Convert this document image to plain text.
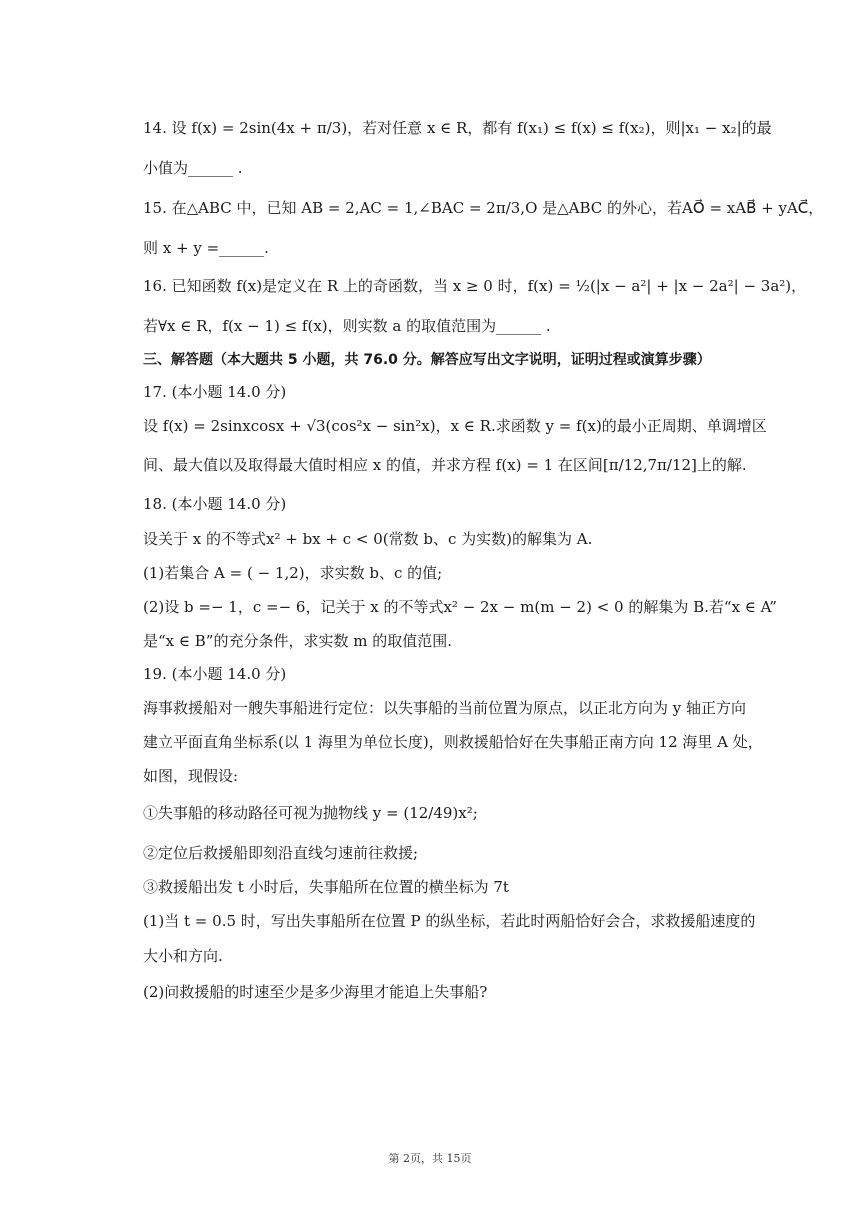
14. 设 f(x) = 2sin(4x + π/3)，若对任意 x ∈ R，都有 f(x₁) ≤ f(x) ≤ f(x₂)，则|x₁ − x₂|的最
小值为______ .
15. 在△ABC 中，已知 AB = 2,AC = 1,∠BAC = 2π/3,O 是△ABC 的外心，若AO⃗ = xAB⃗ + yAC⃗，
则 x + y =______.
16. 已知函数 f(x)是定义在 R 上的奇函数，当 x ≥ 0 时，f(x) = ½(|x − a²| + |x − 2a²| − 3a²)，
若∀x ∈ R，f(x − 1) ≤ f(x)，则实数 a 的取值范围为______ .
三、解答题（本大题共 5 小题，共 76.0 分。解答应写出文字说明，证明过程或演算步骤）
17. (本小题 14.0 分)
设 f(x) = 2sinxcosx + √3(cos²x − sin²x)，x ∈ R.求函数 y = f(x)的最小正周期、单调增区
间、最大值以及取得最大值时相应 x 的值，并求方程 f(x) = 1 在区间[π/12,7π/12]上的解.
18. (本小题 14.0 分)
设关于 x 的不等式x² + bx + c < 0(常数 b、c 为实数)的解集为 A.
(1)若集合 A = ( − 1,2)，求实数 b、c 的值;
(2)设 b =− 1，c =− 6，记关于 x 的不等式x² − 2x − m(m − 2) < 0 的解集为 B.若“x ∈ A”
是“x ∈ B”的充分条件，求实数 m 的取值范围.
19. (本小题 14.0 分)
海事救援船对一艘失事船进行定位：以失事船的当前位置为原点，以正北方向为 y 轴正方向
建立平面直角坐标系(以 1 海里为单位长度)，则救援船恰好在失事船正南方向 12 海里 A 处，
如图，现假设:
①失事船的移动路径可视为抛物线 y = (12/49)x²;
②定位后救援船即刻沿直线匀速前往救援;
③救援船出发 t 小时后，失事船所在位置的横坐标为 7t
(1)当 t = 0.5 时，写出失事船所在位置 P 的纵坐标，若此时两船恰好会合，求救援船速度的
大小和方向.
(2)问救援船的时速至少是多少海里才能追上失事船?
第 2页，共 15页
